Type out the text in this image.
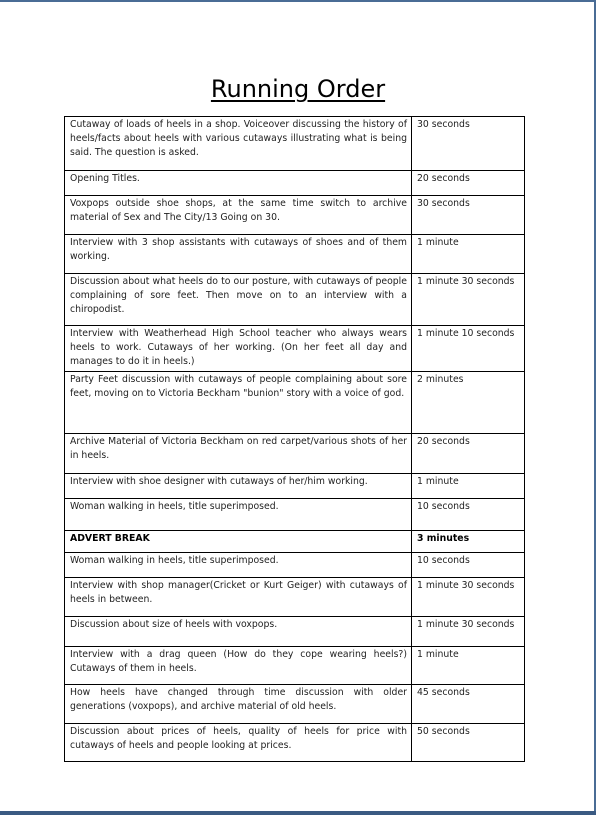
Running Order
Cutaway of loads of heels in a shop. Voiceover discussing the history of heels/facts about heels with various cutaways illustrating what is being said. The question is asked.	30 seconds
Opening Titles.	20 seconds
Voxpops outside shoe shops, at the same time switch to archive material of Sex and The City/13 Going on 30.	30 seconds
Interview with 3 shop assistants with cutaways of shoes and of them working.	1 minute
Discussion about what heels do to our posture, with cutaways of people complaining of sore feet. Then move on to an interview with a chiropodist.	1 minute 30 seconds
Interview with Weatherhead High School teacher who always wears heels to work. Cutaways of her working. (On her feet all day and manages to do it in heels.)	1 minute 10 seconds
Party Feet discussion with cutaways of people complaining about sore feet, moving on to Victoria Beckham "bunion" story with a voice of god.	2 minutes
Archive Material of Victoria Beckham on red carpet/various shots of her in heels.	20 seconds
Interview with shoe designer with cutaways of her/him working.	1 minute
Woman walking in heels, title superimposed.	10 seconds
ADVERT BREAK	3 minutes
Woman walking in heels, title superimposed.	10 seconds
Interview with shop manager(Cricket or Kurt Geiger) with cutaways of heels in between.	1 minute 30 seconds
Discussion about size of heels with voxpops.	1 minute 30 seconds
Interview with a drag queen (How do they cope wearing heels?) Cutaways of them in heels.	1 minute
How heels have changed through time discussion with older generations (voxpops), and archive material of old heels.	45 seconds
Discussion about prices of heels, quality of heels for price with cutaways of heels and people looking at prices.	50 seconds
